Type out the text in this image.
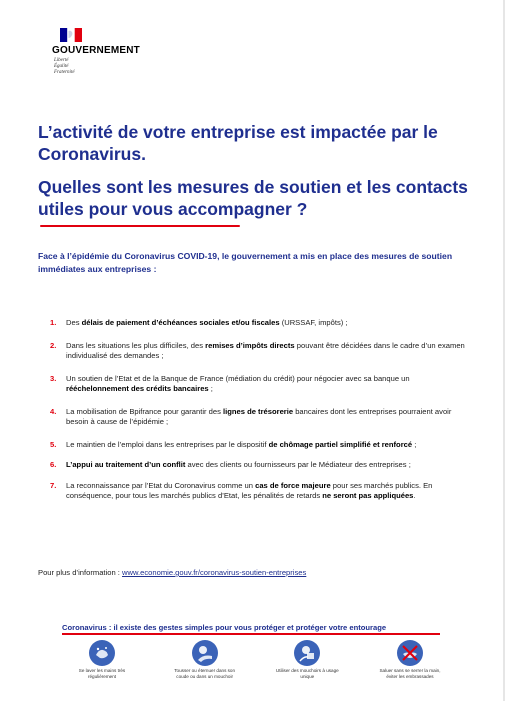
GOUVERNEMENT
Liberté
Égalité
Fraternité
L’activité de votre entreprise est impactée par le Coronavirus.
Quelles sont les mesures de soutien et les contacts utiles pour vous accompagner ?

Face à l’épidémie du Coronavirus COVID-19, le gouvernement a mis en place des mesures de soutien immédiates aux entreprises :

1. Des délais de paiement d’échéances sociales et/ou fiscales (URSSAF, impôts) ;
2. Dans les situations les plus difficiles, des remises d’impôts directs pouvant être décidées dans le cadre d’un examen individualisé des demandes ;
3. Un soutien de l’Etat et de la Banque de France (médiation du crédit) pour négocier avec sa banque un rééchelonnement des crédits bancaires ;
4. La mobilisation de Bpifrance pour garantir des lignes de trésorerie bancaires dont les entreprises pourraient avoir besoin à cause de l’épidémie ;
5. Le maintien de l’emploi dans les entreprises par le dispositif de chômage partiel simplifié et renforcé ;
6. L’appui au traitement d’un conflit avec des clients ou fournisseurs par le Médiateur des entreprises ;
7. La reconnaissance par l’Etat du Coronavirus comme un cas de force majeure pour ses marchés publics. En conséquence, pour tous les marchés publics d’Etat, les pénalités de retards ne seront pas appliquées.
Pour plus d’information : www.economie.gouv.fr/coronavirus-soutien-entreprises
Coronavirus : il existe des gestes simples pour vous protéger et protéger votre entourage
Se laver les mains très régulièrement
Tousser ou éternuer dans son coude ou dans un mouchoir
Utiliser des mouchoirs à usage unique
Saluer sans se serrer la main, éviter les embrassades
